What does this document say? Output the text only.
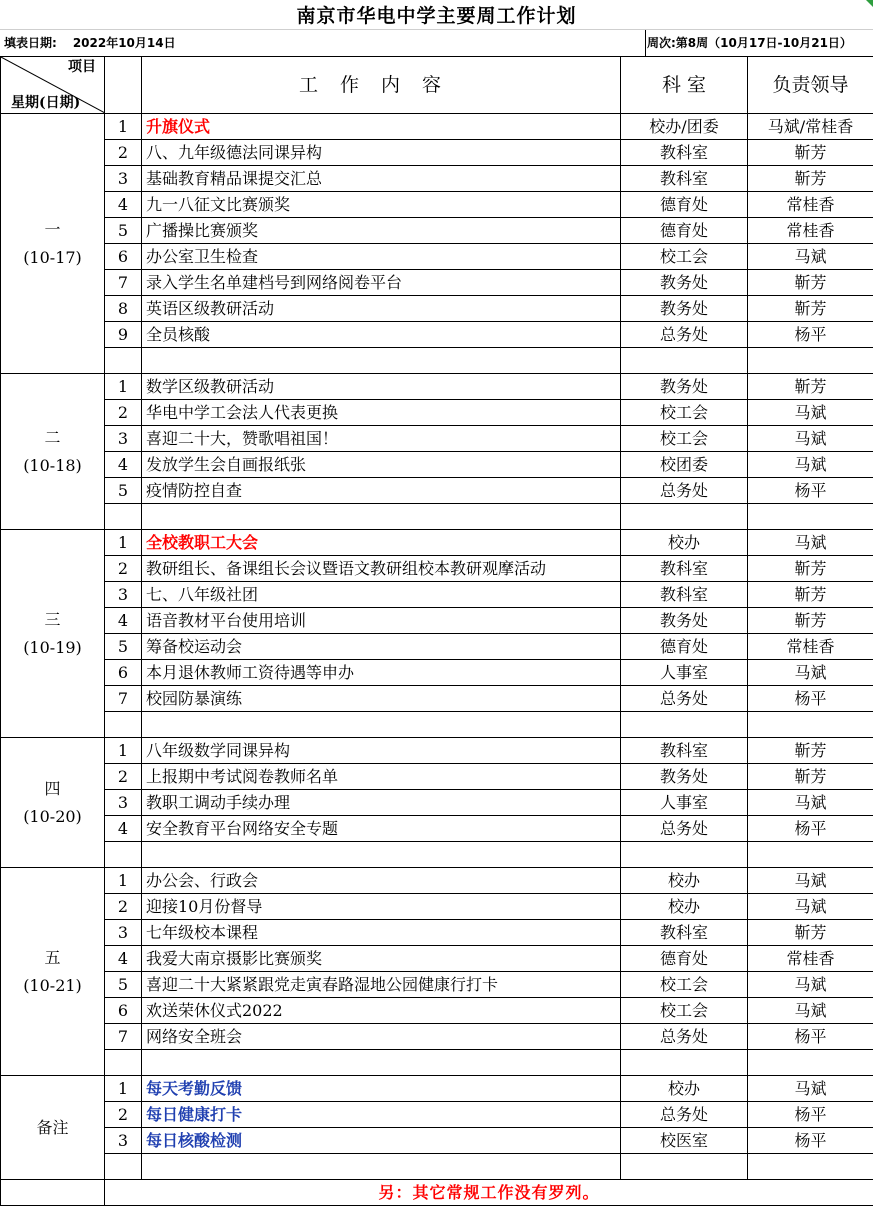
南京市华电中学主要周工作计划
填表日期: 2022年10月14日	周次:第8周（10月17日-10月21日）
项目
星期(日期)		工作内容	科 室	负责领导

一
(10-17)	1	升旗仪式	校办/团委	马斌/常桂香
	2	八、九年级德法同课异构	教科室	靳芳
	3	基础教育精品课提交汇总	教科室	靳芳
	4	九一八征文比赛颁奖	德育处	常桂香
	5	广播操比赛颁奖	德育处	常桂香
	6	办公室卫生检查	校工会	马斌
	7	录入学生名单建档号到网络阅卷平台	教务处	靳芳
	8	英语区级教研活动	教务处	靳芳
	9	全员核酸	总务处	杨平

二
(10-18)	1	数学区级教研活动	教务处	靳芳
	2	华电中学工会法人代表更换	校工会	马斌
	3	喜迎二十大，赞歌唱祖国！	校工会	马斌
	4	发放学生会自画报纸张	校团委	马斌
	5	疫情防控自查	总务处	杨平

三
(10-19)	1	全校教职工大会	校办	马斌
	2	教研组长、备课组长会议暨语文教研组校本教研观摩活动	教科室	靳芳
	3	七、八年级社团	教科室	靳芳
	4	语音教材平台使用培训	教务处	靳芳
	5	筹备校运动会	德育处	常桂香
	6	本月退休教师工资待遇等申办	人事室	马斌
	7	校园防暴演练	总务处	杨平

四
(10-20)	1	八年级数学同课异构	教科室	靳芳
	2	上报期中考试阅卷教师名单	教务处	靳芳
	3	教职工调动手续办理	人事室	马斌
	4	安全教育平台网络安全专题	总务处	杨平

五
(10-21)	1	办公会、行政会	校办	马斌
	2	迎接10月份督导	校办	马斌
	3	七年级校本课程	教科室	靳芳
	4	我爱大南京摄影比赛颁奖	德育处	常桂香
	5	喜迎二十大紧紧跟党走寅春路湿地公园健康行打卡	校工会	马斌
	6	欢送荣休仪式2022	校工会	马斌
	7	网络安全班会	总务处	杨平

备注	1	每天考勤反馈	校办	马斌
	2	每日健康打卡	总务处	杨平
	3	每日核酸检测	校医室	杨平

	另：其它常规工作没有罗列。			
